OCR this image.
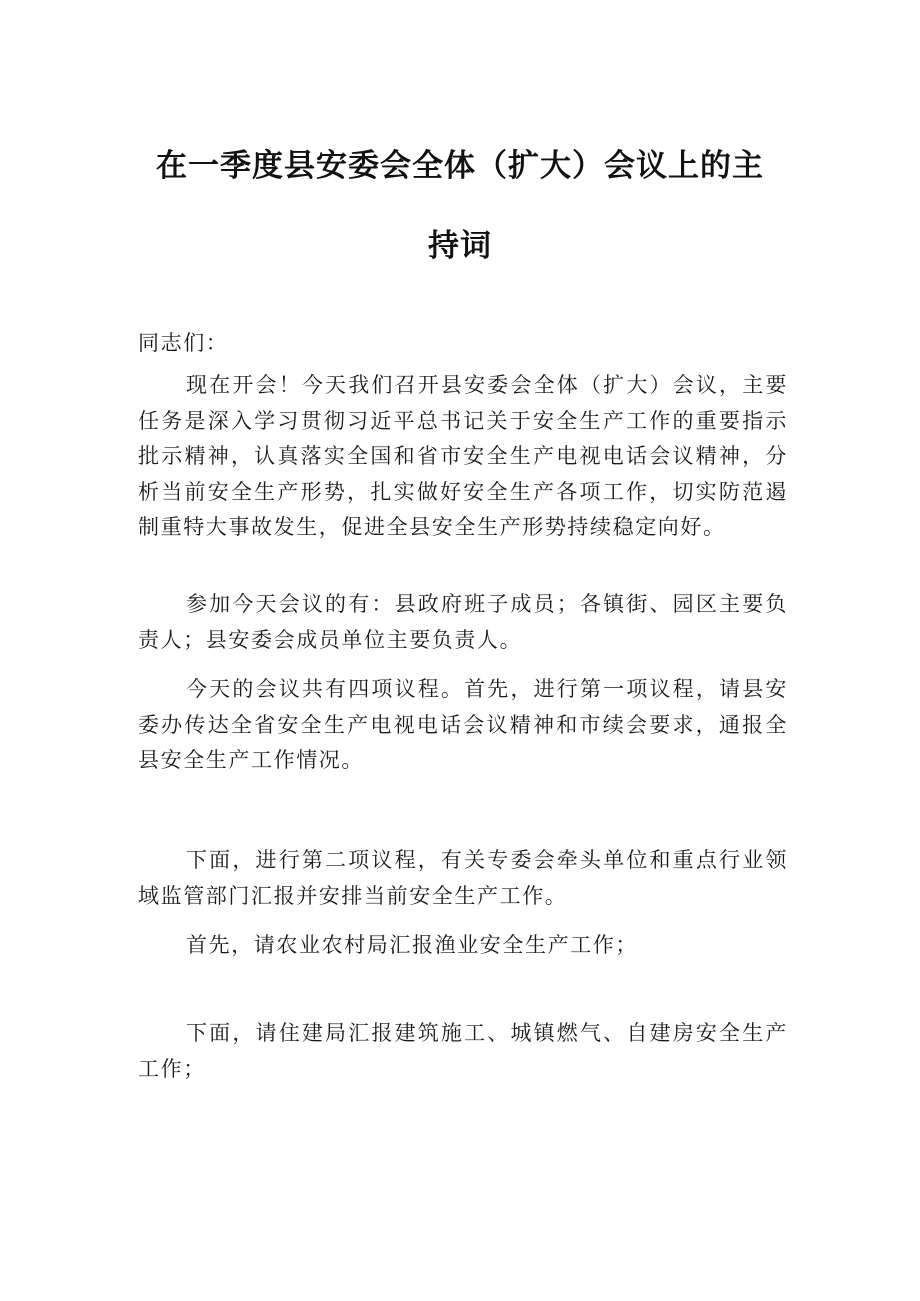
在一季度县安委会全体（扩大）会议上的主
持词

同志们：

现在开会！今天我们召开县安委会全体（扩大）会议，主要任务是深入学习贯彻习近平总书记关于安全生产工作的重要指示批示精神，认真落实全国和省市安全生产电视电话会议精神，分析当前安全生产形势，扎实做好安全生产各项工作，切实防范遏制重特大事故发生，促进全县安全生产形势持续稳定向好。

参加今天会议的有：县政府班子成员；各镇街、园区主要负责人；县安委会成员单位主要负责人。

今天的会议共有四项议程。首先，进行第一项议程，请县安委办传达全省安全生产电视电话会议精神和市续会要求，通报全县安全生产工作情况。

下面，进行第二项议程，有关专委会牵头单位和重点行业领域监管部门汇报并安排当前安全生产工作。

首先，请农业农村局汇报渔业安全生产工作；

下面，请住建局汇报建筑施工、城镇燃气、自建房安全生产工作；
